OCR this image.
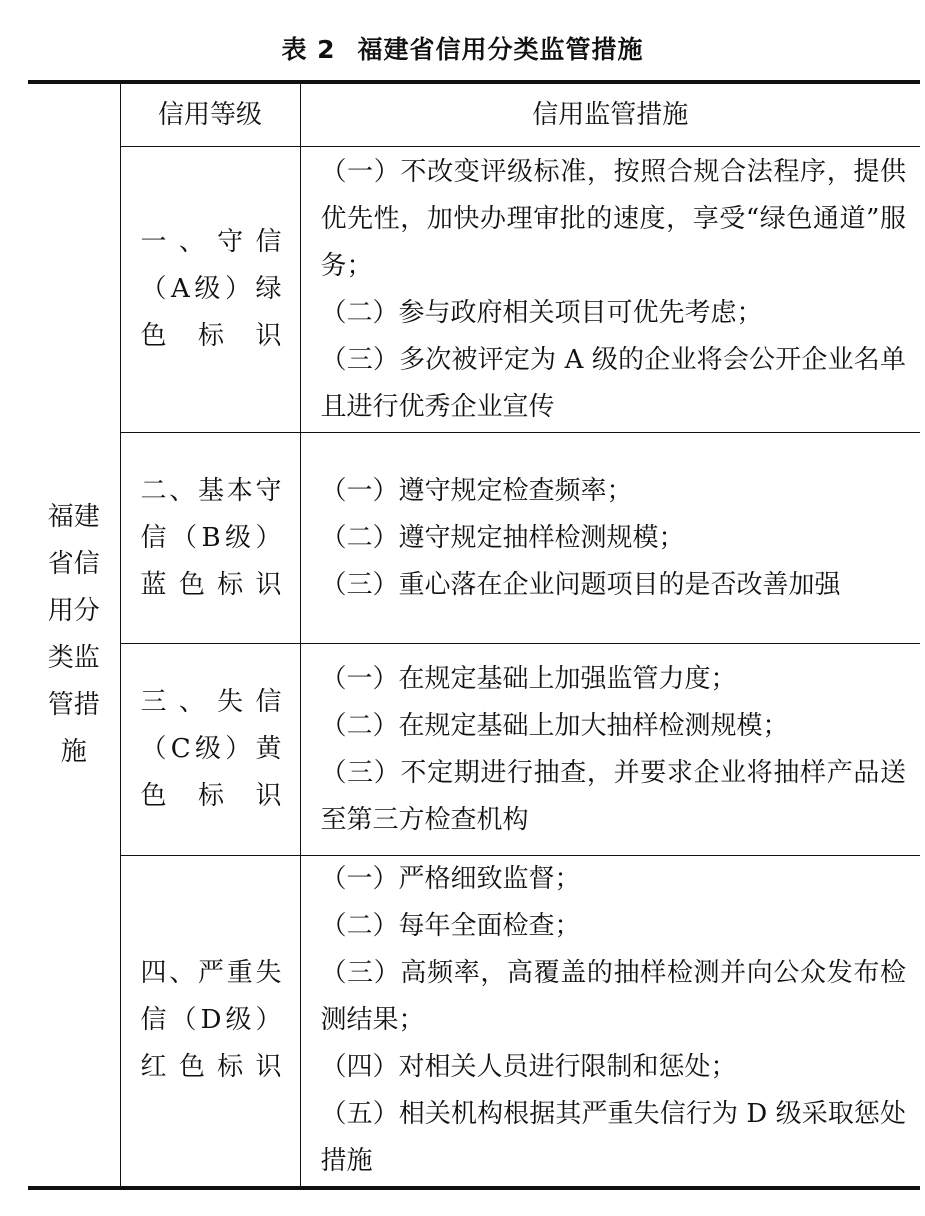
表 2 福建省信用分类监管措施
福建省信用分类监管措施	信用等级	信用监管措施

	一、守信（A级）绿色标识	（一）不改变评级标准，按照合规合法程序，提供优先性，加快办理审批的速度，享受“绿色通道”服务；
（二）参与政府相关项目可优先考虑；
（三）多次被评定为 A 级的企业将会公开企业名单且进行优秀企业宣传

	二、基本守信（B级）蓝色标识	（一）遵守规定检查频率；
（二）遵守规定抽样检测规模；
（三）重心落在企业问题项目的是否改善加强

	三、失信（C级）黄色标识	（一）在规定基础上加强监管力度；
（二）在规定基础上加大抽样检测规模；
（三）不定期进行抽查，并要求企业将抽样产品送至第三方检查机构

	四、严重失信（D级）红色标识	（一）严格细致监督；
（二）每年全面检查；
（三）高频率，高覆盖的抽样检测并向公众发布检测结果；
（四）对相关人员进行限制和惩处；
（五）相关机构根据其严重失信行为 D 级采取惩处措施
